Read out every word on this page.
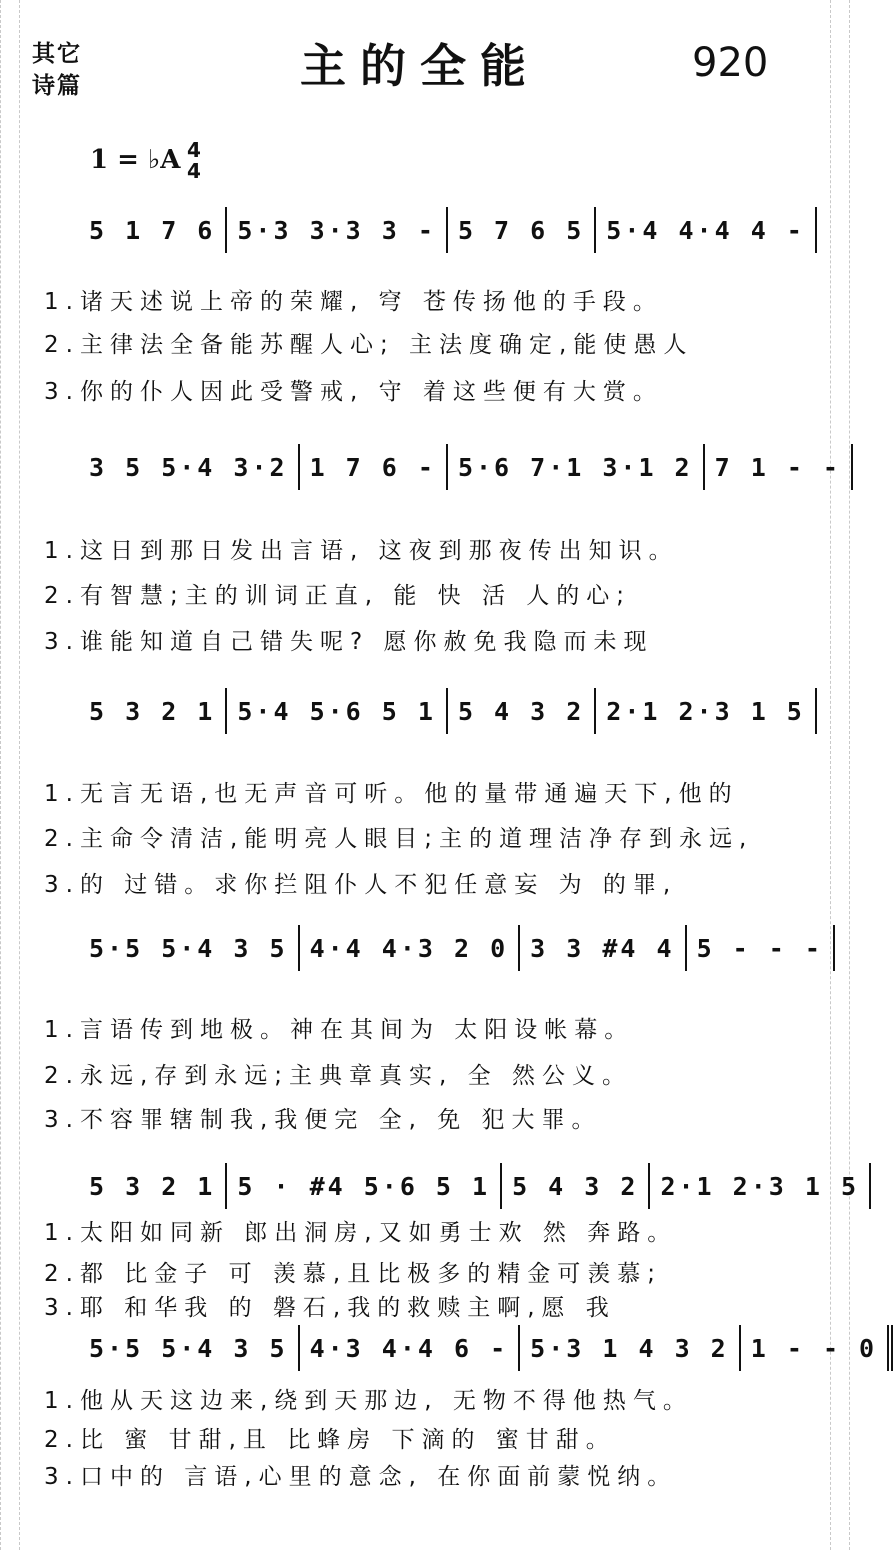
其它
诗篇	主的全能	920
1 = ♭A 4
4
5 1 7 6 5·3 3·3 3 - 5 7 6 5 5·4 4·4 4 -
1.诸天述说上帝的荣耀, 穹 苍传扬他的手段。
2.主律法全备能苏醒人心; 主法度确定,能使愚人
3.你的仆人因此受警戒, 守 着这些便有大赏。
3 5 5·4 3·2 1 7 6 - 5·6 7·1 3·1 2 7 1 - -
1.这日到那日发出言语, 这夜到那夜传出知识。
2.有智慧;主的训词正直, 能 快 活 人的心;
3.谁能知道自己错失呢? 愿你赦免我隐而未现
5 3 2 1 5·4 5·6 5 1 5 4 3 2 2·1 2·3 1 5
1.无言无语,也无声音可听。他的量带通遍天下,他的
2.主命令清洁,能明亮人眼目;主的道理洁净存到永远,
3.的 过错。求你拦阻仆人不犯任意妄 为 的罪,
5·5 5·4 3 5 4·4 4·3 2 0 3 3 #4 4 5 - - -
1.言语传到地极。神在其间为 太阳设帐幕。
2.永远,存到永远;主典章真实, 全 然公义。
3.不容罪辖制我,我便完 全, 免 犯大罪。
5 3 2 1 5 · #4 5·6 5 1 5 4 3 2 2·1 2·3 1 5
1.太阳如同新 郎出洞房,又如勇士欢 然 奔路。
2.都 比金子 可 羡慕,且比极多的精金可羡慕;
3.耶 和华我 的 磐石,我的救赎主啊,愿 我
5·5 5·4 3 5 4·3 4·4 6 - 5·3 1 4 3 2 1 - - 0
1.他从天这边来,绕到天那边, 无物不得他热气。
2.比 蜜 甘甜,且 比蜂房 下滴的 蜜甘甜。
3.口中的 言语,心里的意念, 在你面前蒙悦纳。
